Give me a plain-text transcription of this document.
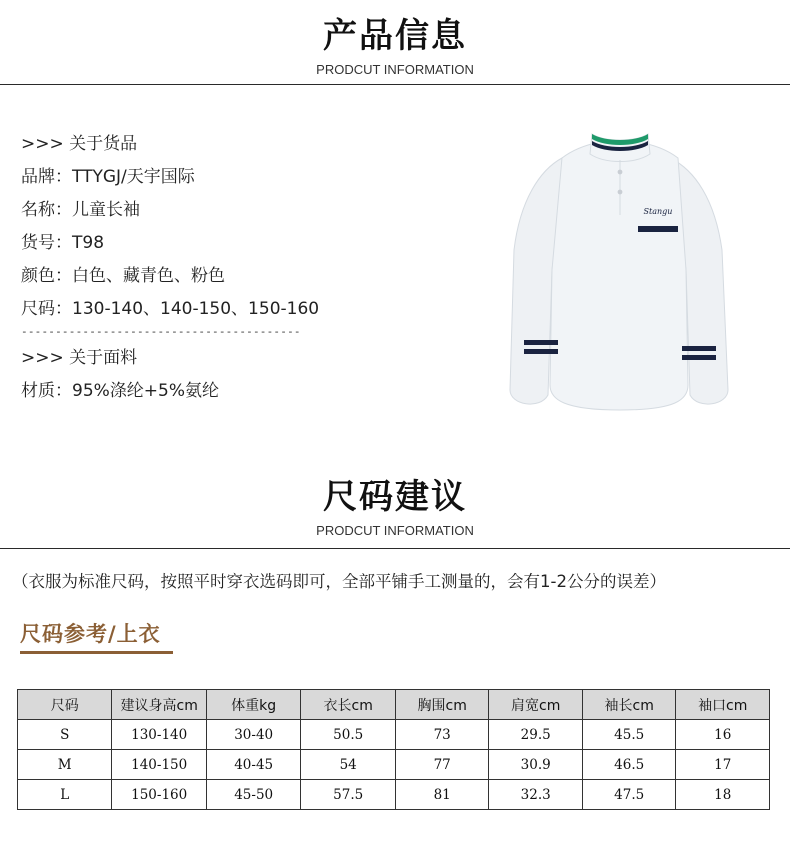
产品信息
PRODCUT INFORMATION
>>> 关于货品
品牌：TTYGJ/天宇国际
名称：儿童长袖
货号：T98
颜色：白色、藏青色、粉色
尺码：130-140、140-150、150-160
-----------------------------------------
>>> 关于面料
材质：95%涤纶+5%氨纶
Stangu
尺码建议
PRODCUT INFORMATION
（衣服为标准尺码，按照平时穿衣选码即可，全部平铺手工测量的，会有1-2公分的误差）
尺码参考/上衣
尺码	建议身高cm	体重kg	衣长cm	胸围cm	肩宽cm	袖长cm	袖口cm
S	130-140	30-40	50.5	73	29.5	45.5	16
M	140-150	40-45	54	77	30.9	46.5	17
L	150-160	45-50	57.5	81	32.3	47.5	18
